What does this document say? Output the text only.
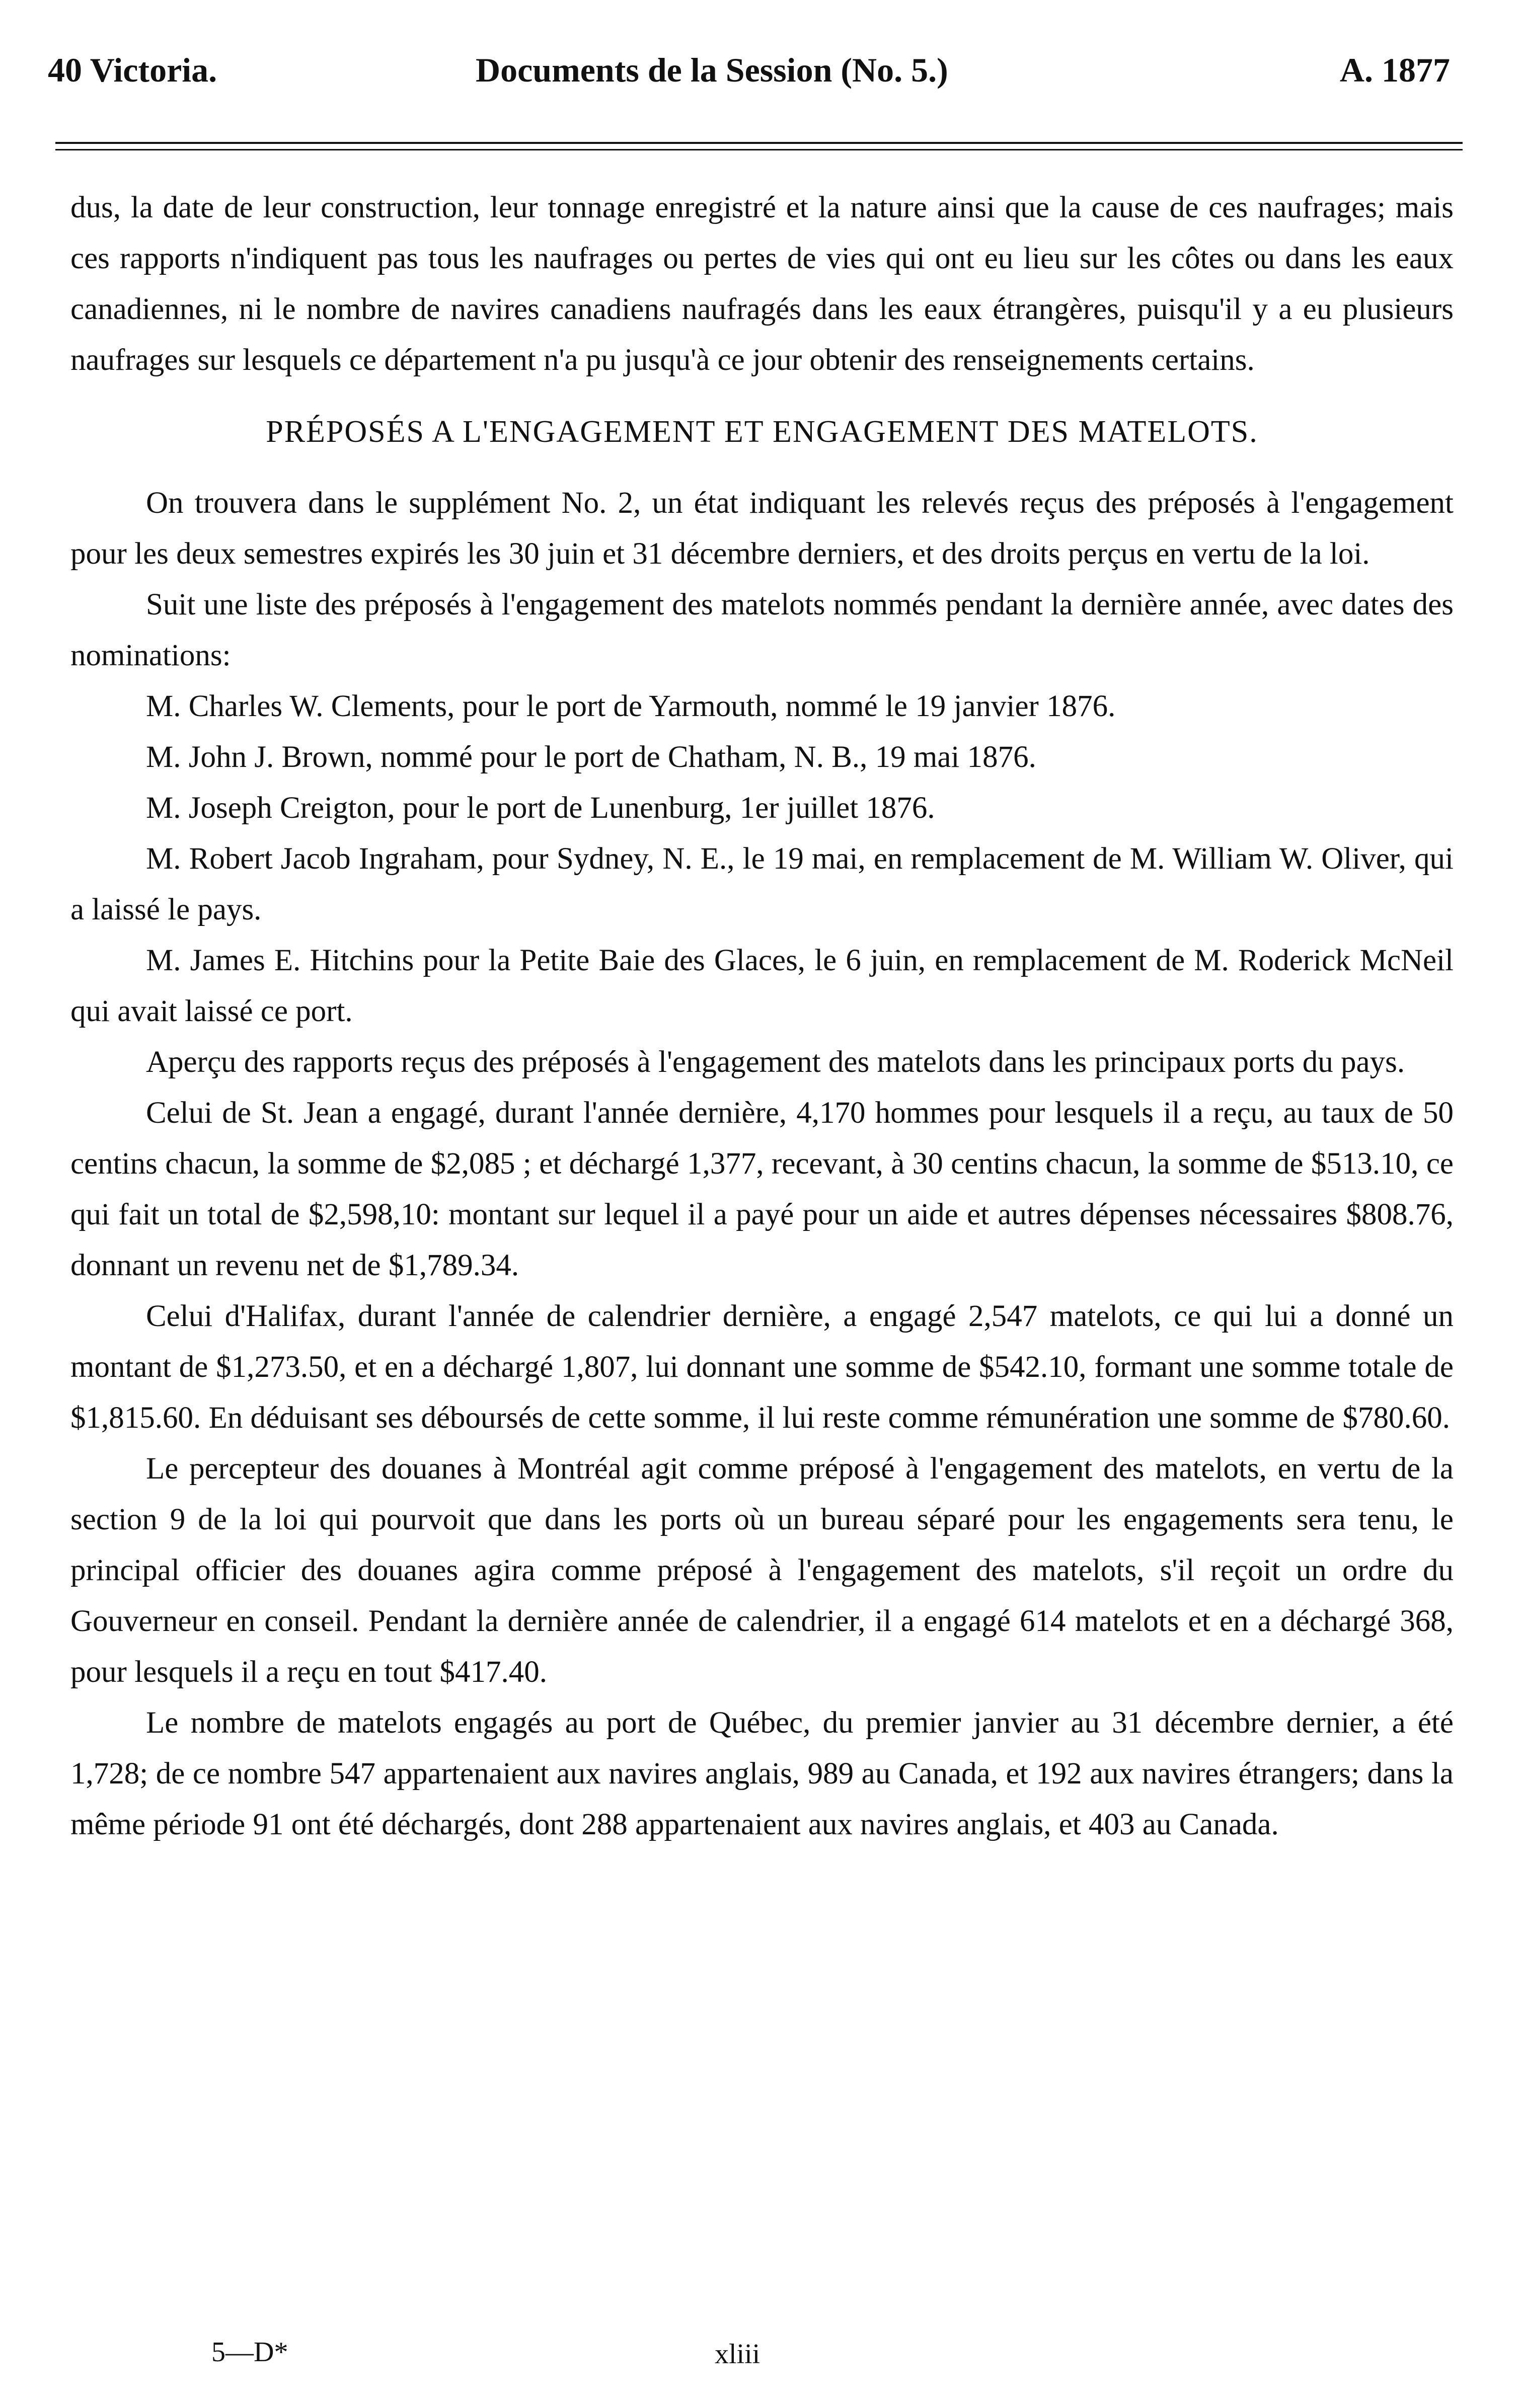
40 Victoria.	Documents de la Session (No. 5.)	A. 1877

dus, la date de leur construction, leur tonnage enregistré et la nature ainsi que la cause de ces naufrages; mais ces rapports n'indiquent pas tous les naufrages ou pertes de vies qui ont eu lieu sur les côtes ou dans les eaux canadiennes, ni le nombre de navires canadiens naufragés dans les eaux étrangères, puisqu'il y a eu plusieurs naufrages sur lesquels ce département n'a pu jusqu'à ce jour obtenir des renseignements certains.

PRÉPOSÉS A L'ENGAGEMENT ET ENGAGEMENT DES MATELOTS.

On trouvera dans le supplément No. 2, un état indiquant les relevés reçus des préposés à l'engagement pour les deux semestres expirés les 30 juin et 31 décembre derniers, et des droits perçus en vertu de la loi.

Suit une liste des préposés à l'engagement des matelots nommés pendant la dernière année, avec dates des nominations:

M. Charles W. Clements, pour le port de Yarmouth, nommé le 19 janvier 1876.

M. John J. Brown, nommé pour le port de Chatham, N. B., 19 mai 1876.

M. Joseph Creigton, pour le port de Lunenburg, 1er juillet 1876.

M. Robert Jacob Ingraham, pour Sydney, N. E., le 19 mai, en remplacement de M. William W. Oliver, qui a laissé le pays.

M. James E. Hitchins pour la Petite Baie des Glaces, le 6 juin, en remplacement de M. Roderick McNeil qui avait laissé ce port.

Aperçu des rapports reçus des préposés à l'engagement des matelots dans les principaux ports du pays.

Celui de St. Jean a engagé, durant l'année dernière, 4,170 hommes pour lesquels il a reçu, au taux de 50 centins chacun, la somme de $2,085 ; et déchargé 1,377, recevant, à 30 centins chacun, la somme de $513.10, ce qui fait un total de $2,598,10: montant sur lequel il a payé pour un aide et autres dépenses nécessaires $808.76, donnant un revenu net de $1,789.34.

Celui d'Halifax, durant l'année de calendrier dernière, a engagé 2,547 matelots, ce qui lui a donné un montant de $1,273.50, et en a déchargé 1,807, lui donnant une somme de $542.10, formant une somme totale de $1,815.60. En déduisant ses déboursés de cette somme, il lui reste comme rémunération une somme de $780.60.

Le percepteur des douanes à Montréal agit comme préposé à l'engagement des matelots, en vertu de la section 9 de la loi qui pourvoit que dans les ports où un bureau séparé pour les engagements sera tenu, le principal officier des douanes agira comme préposé à l'engagement des matelots, s'il reçoit un ordre du Gouverneur en conseil. Pendant la dernière année de calendrier, il a engagé 614 matelots et en a déchargé 368, pour lesquels il a reçu en tout $417.40.

Le nombre de matelots engagés au port de Québec, du premier janvier au 31 décembre dernier, a été 1,728; de ce nombre 547 appartenaient aux navires anglais, 989 au Canada, et 192 aux navires étrangers; dans la même période 91 ont été déchargés, dont 288 appartenaient aux navires anglais, et 403 au Canada.

5—D*	xliii
